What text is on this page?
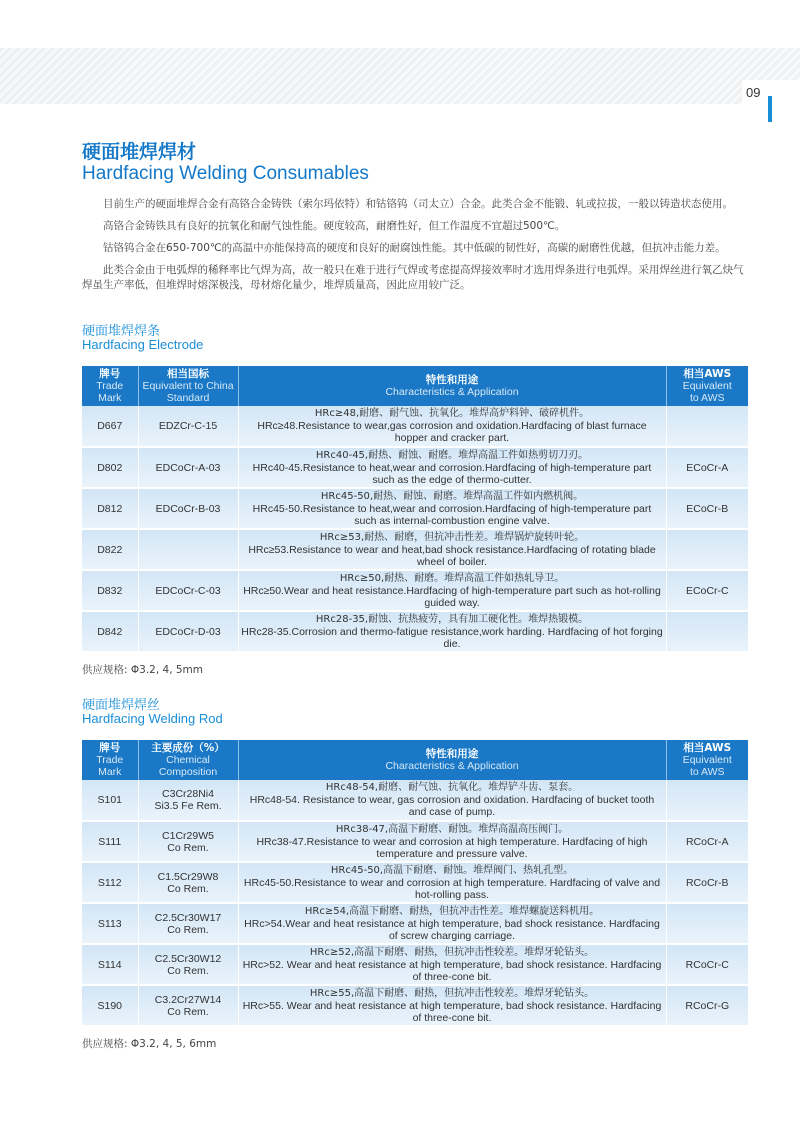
09
硬面堆焊焊材
Hardfacing Welding Consumables
目前生产的硬面堆焊合金有高铬合金铸铁（索尔玛依特）和钴铬钨（司太立）合金。此类合金不能锻、轧或拉拔，一般以铸造状态使用。
高铬合金铸铁具有良好的抗氧化和耐气蚀性能。硬度较高，耐磨性好，但工作温度不宜超过500℃。
钴铬钨合金在650-700℃的高温中亦能保持高的硬度和良好的耐腐蚀性能。其中低碳的韧性好，高碳的耐磨性优越，但抗冲击能力差。
此类合金由于电弧焊的稀释率比气焊为高，故一般只在难于进行气焊或考虑提高焊接效率时才选用焊条进行电弧焊。采用焊丝进行氧乙炔气焊虽生产率低，但堆焊时熔深极浅，母材熔化量少，堆焊质量高，因此应用较广泛。
硬面堆焊焊条
Hardfacing Electrode
牌号
Trade
Mark	相当国标
Equivalent to China
Standard	特性和用途
Characteristics & Application	相当AWS
Equivalent
to AWS

D667	EDZCr-C-15	HRc≥48,耐磨、耐气蚀、抗氧化。堆焊高炉料钟、破碎机件。
HRc≥48.Resistance to wear,gas corrosion and oxidation.Hardfacing of blast furnace hopper and cracker part.	

D802	EDCoCr-A-03	HRc40-45,耐热、耐蚀、耐磨。堆焊高温工件如热剪切刀刃。
HRc40-45.Resistance to heat,wear and corrosion.Hardfacing of high-temperature part such as the edge of thermo-cutter.	ECoCr-A
D812	EDCoCr-B-03	HRc45-50,耐热、耐蚀、耐磨。堆焊高温工件如内燃机阀。
HRc45-50.Resistance to heat,wear and corrosion.Hardfacing of high-temperature part such as internal-combustion engine valve.	ECoCr-B
D822		HRc≥53,耐热、耐磨，但抗冲击性差。堆焊锅炉旋转叶轮。
HRc≥53.Resistance to wear and heat,bad shock resistance.Hardfacing of rotating blade wheel of boiler.	

D832	EDCoCr-C-03	HRc≥50,耐热、耐磨。堆焊高温工件如热轧导卫。
HRc≥50.Wear and heat resistance.Hardfacing of high-temperature part such as hot-rolling guided way.	ECoCr-C
D842	EDCoCr-D-03	HRc28-35,耐蚀、抗热疲劳，具有加工硬化性。堆焊热锻模。
HRc28-35.Corrosion and thermo-fatigue resistance,work harding. Hardfacing of hot forging die.	

供应规格: Φ3.2, 4, 5mm
硬面堆焊焊丝
Hardfacing Welding Rod
牌号
Trade
Mark	主要成份（%）
Chemical
Composition	特性和用途
Characteristics & Application	相当AWS
Equivalent
to AWS

S101	C3Cr28Ni4
Si3.5 Fe Rem.	HRc48-54,耐磨、耐气蚀、抗氧化。堆焊铲斗齿、泵套。
HRc48-54. Resistance to wear, gas corrosion and oxidation. Hardfacing of bucket tooth and case of pump.	

S111	C1Cr29W5
Co Rem.	HRc38-47,高温下耐磨、耐蚀。堆焊高温高压阀门。
HRc38-47.Resistance to wear and corrosion at high temperature. Hardfacing of high temperature and pressure valve.	RCoCr-A
S112	C1.5Cr29W8
Co Rem.	HRc45-50,高温下耐磨、耐蚀。堆焊阀门、热轧孔型。
HRc45-50.Resistance to wear and corrosion at high temperature. Hardfacing of valve and hot-rolling pass.	RCoCr-B
S113	C2.5Cr30W17
Co Rem.	HRc≥54,高温下耐磨、耐热，但抗冲击性差。堆焊螺旋送料机用。
HRc>54.Wear and heat resistance at high temperature, bad shock resistance. Hardfacing of screw charging carriage.	

S114	C2.5Cr30W12
Co Rem.	HRc≥52,高温下耐磨、耐热，但抗冲击性较差。堆焊牙轮钻头。
HRc>52. Wear and heat resistance at high temperature, bad shock resistance. Hardfacing of three-cone bit.	RCoCr-C
S190	C3.2Cr27W14
Co Rem.	HRc≥55,高温下耐磨、耐热，但抗冲击性较差。堆焊牙轮钻头。
HRc>55. Wear and heat resistance at high temperature, bad shock resistance. Hardfacing of three-cone bit.	RCoCr-G
供应规格: Φ3.2, 4, 5, 6mm
